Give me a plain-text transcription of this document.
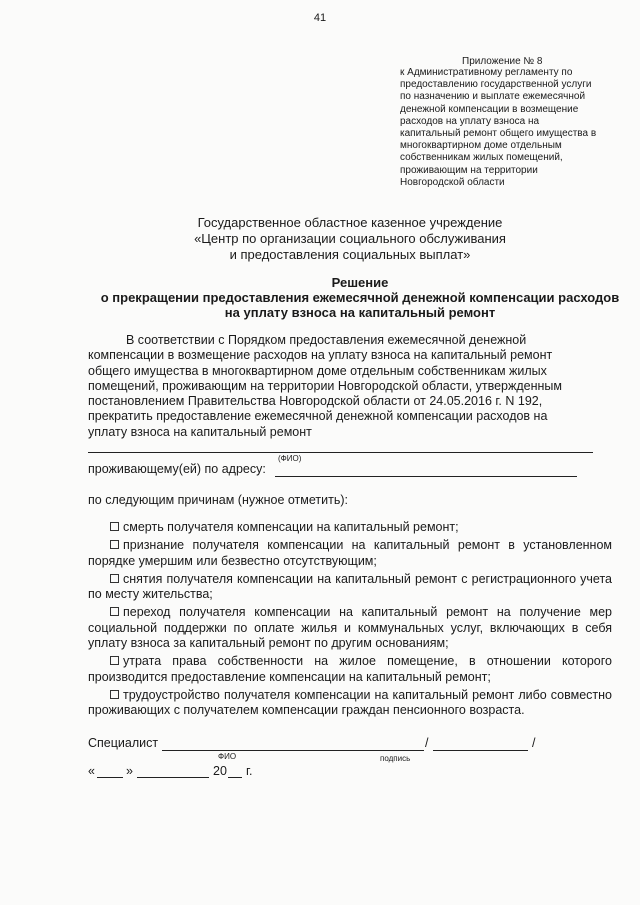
41
Приложение № 8
к Административному регламенту по
предоставлению государственной услуги
по назначению и выплате ежемесячной
денежной компенсации в возмещение
расходов на уплату взноса на
капитальный ремонт общего имущества в
многоквартирном доме отдельным
собственникам жилых помещений,
проживающим на территории
Новгородской области
Государственное областное казенное учреждение
«Центр по организации социального обслуживания
и предоставления социальных выплат»
Решение
о прекращении предоставления ежемесячной денежной компенсации расходов
на уплату взноса на капитальный ремонт
В соответствии с Порядком предоставления ежемесячной денежной
компенсации в возмещение расходов на уплату взноса на капитальный ремонт
общего имущества в многоквартирном доме отдельным собственникам жилых
помещений, проживающим на территории Новгородской области, утвержденным
постановлением Правительства Новгородской области от 24.05.2016 г. N 192,
прекратить предоставление ежемесячной денежной компенсации расходов на
уплату взноса на капитальный ремонт
(ФИО)
проживающему(ей) по адресу:
по следующим причинам (нужное отметить):

смерть получателя компенсации на капитальный ремонт;

признание получателя компенсации на капитальный ремонт в установленном порядке умершим или безвестно отсутствующим;

снятия получателя компенсации на капитальный ремонт с регистрационного учета по месту жительства;

переход получателя компенсации на капитальный ремонт на получение мер социальной поддержки по оплате жилья и коммунальных услуг, включающих в себя уплату взноса за капитальный ремонт по другим основаниям;

утрата права собственности на жилое помещение, в отношении которого производится предоставление компенсации на капитальный ремонт;

трудоустройство получателя компенсации на капитальный ремонт либо совместно проживающих с получателем компенсации граждан пенсионного возраста.

Специалист	/	/
ФИО	подпись
« »	20 г.
